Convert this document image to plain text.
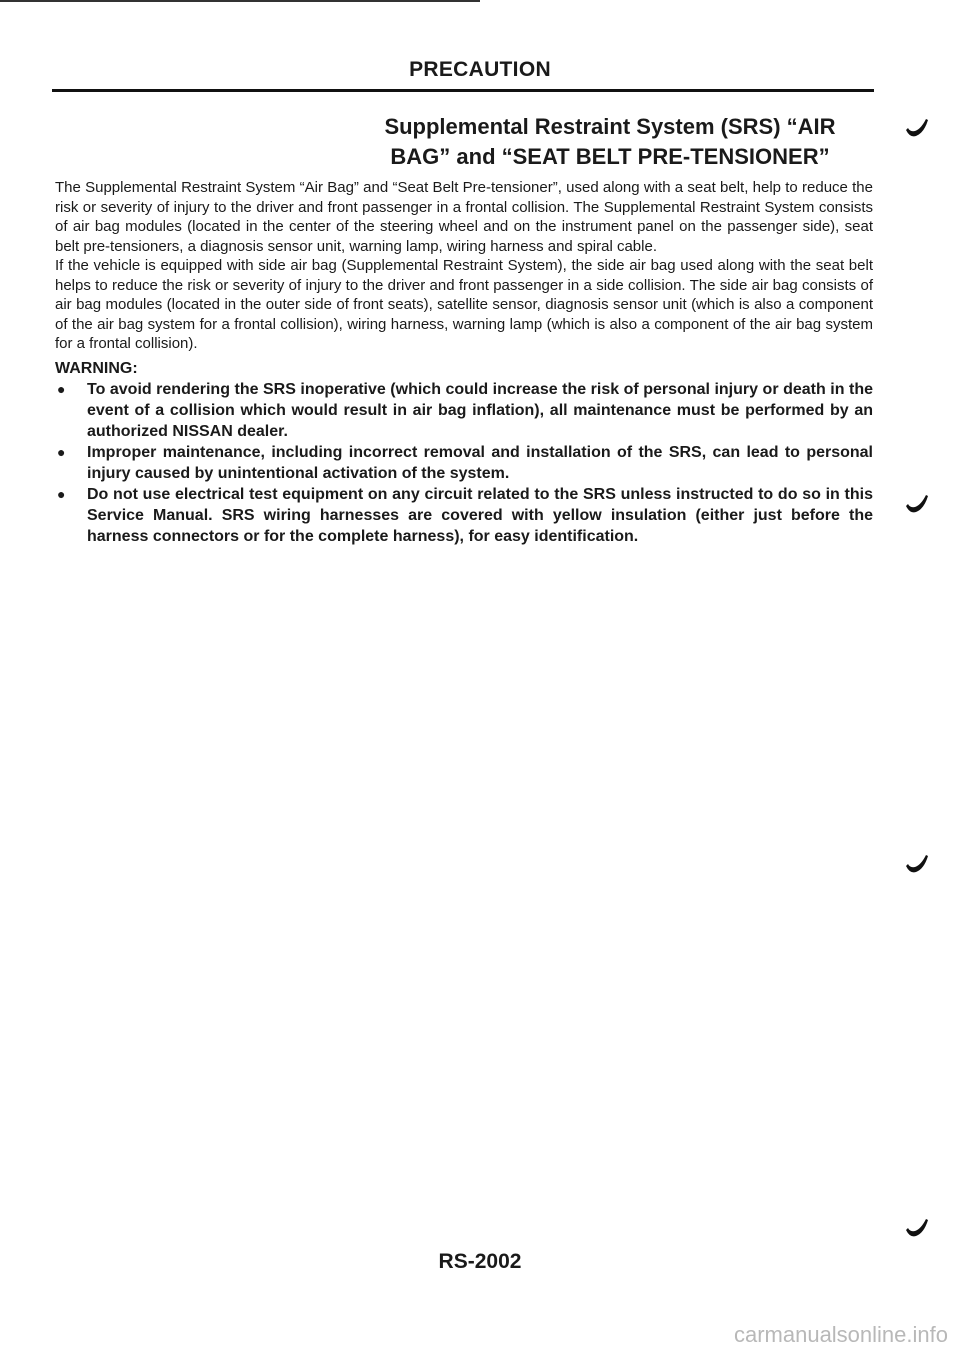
PRECAUTION
Supplemental Restraint System (SRS) “AIR
BAG” and “SEAT BELT PRE-TENSIONER”

The Supplemental Restraint System “Air Bag” and “Seat Belt Pre-tensioner”, used along with a seat belt, help to reduce the risk or severity of injury to the driver and front passenger in a frontal collision. The Supplemental Restraint System consists of air bag modules (located in the center of the steering wheel and on the instrument panel on the passenger side), seat belt pre-tensioners, a diagnosis sensor unit, warning lamp, wiring harness and spiral cable.

If the vehicle is equipped with side air bag (Supplemental Restraint System), the side air bag used along with the seat belt helps to reduce the risk or severity of injury to the driver and front passenger in a side collision. The side air bag consists of air bag modules (located in the outer side of front seats), satellite sensor, diagnosis sensor unit (which is also a component of the air bag system for a frontal collision), wiring harness, warning lamp (which is also a component of the air bag system for a frontal collision).

WARNING:
● To avoid rendering the SRS inoperative (which could increase the risk of personal injury or death in the event of a collision which would result in air bag inflation), all maintenance must be performed by an authorized NISSAN dealer.
● Improper maintenance, including incorrect removal and installation of the SRS, can lead to personal injury caused by unintentional activation of the system.
● Do not use electrical test equipment on any circuit related to the SRS unless instructed to do so in this Service Manual. SRS wiring harnesses are covered with yellow insulation (either just before the harness connectors or for the complete harness), for easy identification.
RS-2002
carmanualsonline.info
